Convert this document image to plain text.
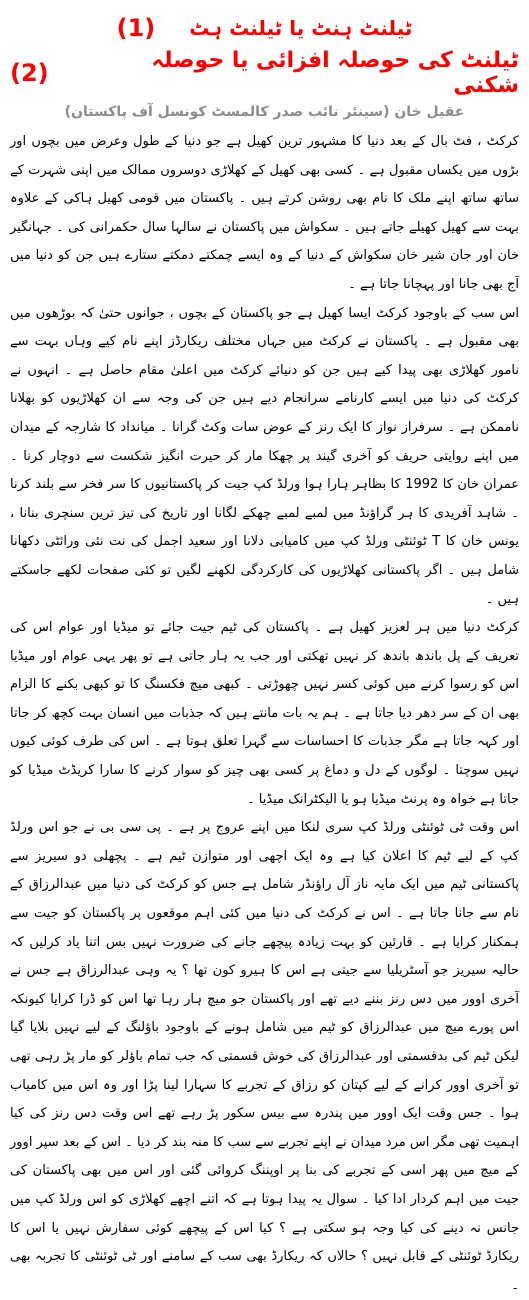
ٹیلنٹ ہنٹ یا ٹیلنٹ ہٹ
(1)
ٹیلنٹ کی حوصلہ افزائی یا حوصلہ شکنی
(2)
عقیل خان (سینئر نائب صدر کالمسٹ کونسل آف پاکستان)

کرکٹ ، فٹ بال کے بعد دنیا کا مشہور ترین کھیل ہے جو دنیا کے طول وعرض میں بچوں اور بڑوں میں یکساں مقبول ہے ۔ کسی بھی کھیل کے کھلاڑی دوسروں ممالک میں اپنی شہرت کے ساتھ ساتھ اپنے ملک کا نام بھی روشن کرتے ہیں ۔ پاکستان میں قومی کھیل ہاکی کے علاوہ بہت سے کھیل کھیلے جاتے ہیں ۔ سکواش میں پاکستان نے سالہا سال حکمرانی کی ۔ جہانگیر خان اور جان شیر خان سکواش کے دنیا کے وہ ایسے چمکتے دمکتے ستارے ہیں جن کو دنیا میں آج بھی جانا اور پہچانا جاتا ہے ۔

اس سب کے باوجود کرکٹ ایسا کھیل ہے جو پاکستان کے بچوں ، جوانوں حتیٰ کہ بوڑھوں میں بھی مقبول ہے ۔ پاکستان نے کرکٹ میں جہاں مختلف ریکارڈز اپنے نام کیے وہاں بہت سے نامور کھلاڑی بھی پیدا کیے ہیں جن کو دنیائے کرکٹ میں اعلیٰ مقام حاصل ہے ۔ انہوں نے کرکٹ کی دنیا میں ایسے کارنامے سرانجام دیے ہیں جن کی وجہ سے ان کھلاڑیوں کو بھلانا ناممکن ہے ۔ سرفراز نواز کا ایک رنز کے عوض سات وکٹ گرانا ۔ میانداد کا شارجہ کے میدان میں اپنے روایتی حریف کو آخری گیند پر چھکا مار کر حیرت انگیز شکست سے دوچار کرنا ۔ عمران خان کا 1992 کا بظاہر ہارا ہوا ورلڈ کپ جیت کر پاکستانیوں کا سر فخر سے بلند کرنا ۔ شاہد آفریدی کا ہر گراؤنڈ میں لمبے لمبے چھکے لگانا اور تاریخ کی تیز ترین سنچری بنانا ، یونس خان کا T ٹوئنٹی ورلڈ کپ میں کامیابی دلانا اور سعید اجمل کی نت نئی ورائٹی دکھانا شامل ہیں ۔ اگر پاکستانی کھلاڑیوں کی کارکردگی لکھنے لگیں تو کئی صفحات لکھے جاسکتے ہیں ۔

کرکٹ دنیا میں ہر لعزیز کھیل ہے ۔ پاکستان کی ٹیم جیت جائے تو میڈیا اور عوام اس کی تعریف کے پل باندھ باندھ کر نہیں تھکتی اور جب یہ ہار جاتی ہے تو پھر یہی عوام اور میڈیا اس کو رسوا کرنے میں کوئی کسر نہیں چھوڑتی ۔ کبھی میچ فکسنگ کا تو کبھی بکنے کا الزام بھی ان کے سر دھر دیا جاتا ہے ۔ ہم یہ بات مانتے ہیں کہ جذبات میں انسان بہت کچھ کر جاتا اور کہہ جاتا ہے مگر جذبات کا احساسات سے گہرا تعلق ہوتا ہے ۔ اس کی طرف کوئی کیوں نہیں سوچتا ۔ لوگوں کے دل و دماغ پر کسی بھی چیز کو سوار کرنے کا سارا کریڈٹ میڈیا کو جاتا ہے خواہ وہ پرنٹ میڈیا ہو یا الیکٹرانک میڈیا ۔

اس وقت ٹی ٹوئنٹی ورلڈ کپ سری لنکا میں اپنے عروج پر ہے ۔ پی سی بی نے جو اس ورلڈ کپ کے لیے ٹیم کا اعلان کیا ہے وہ ایک اچھی اور متوازن ٹیم ہے ۔ پچھلی دو سیریز سے پاکستانی ٹیم میں ایک مایہ ناز آل راؤنڈر شامل ہے جس کو کرکٹ کی دنیا میں عبدالرزاق کے نام سے جانا جاتا ہے ۔ اس نے کرکٹ کی دنیا میں کئی اہم موقعوں پر پاکستان کو جیت سے ہمکنار کرایا ہے ۔ قارئین کو بہت زیادہ پیچھے جانے کی ضرورت نہیں بس اتنا یاد کرلیں کہ حالیہ سیریز جو آسٹریلیا سے جیتی ہے اس کا ہیرو کون تھا ؟ یہ وہی عبدالرزاق ہے جس نے آخری اوور میں دس رنز بننے دیے تھے اور پاکستان جو میچ ہار رہا تھا اس کو ڈرا کرایا کیونکہ اس پورے میچ میں عبدالرزاق کو ٹیم میں شامل ہونے کے باوجود باؤلنگ کے لیے نہیں بلایا گیا لیکن ٹیم کی بدقسمتی اور عبدالرزاق کی خوش قسمتی کہ جب تمام باؤلر کو مار پڑ رہی تھی تو آخری اوور کرانے کے لیے کپتان کو رزاق کے تجربے کا سہارا لینا پڑا اور وہ اس میں کامیاب ہوا ۔ جس وقت ایک اوور میں پندرہ سے بیس سکور پڑ رہے تھے اس وقت دس رنز کی کیا اہمیت تھی مگر اس مرد میدان نے اپنے تجربے سے سب کا منہ بند کر دیا ۔ اس کے بعد سپر اوور کے میچ میں پھر اسی کے تجربے کی بنا پر اوپننگ کروائی گئی اور اس میں بھی پاکستان کی جیت میں اہم کردار ادا کیا ۔ سوال یہ پیدا ہوتا ہے کہ اتنے اچھے کھلاڑی کو اس ورلڈ کپ میں جانس نہ دینے کی کیا وجہ ہو سکتی ہے ؟ کیا اس کے پیچھے کوئی سفارش نہیں یا اس کا ریکارڈ ٹوئنٹی کے قابل نہیں ؟ حالاں کہ ریکارڈ بھی سب کے سامنے اور ٹی ٹوئنٹی کا تجربہ بھی ۔
